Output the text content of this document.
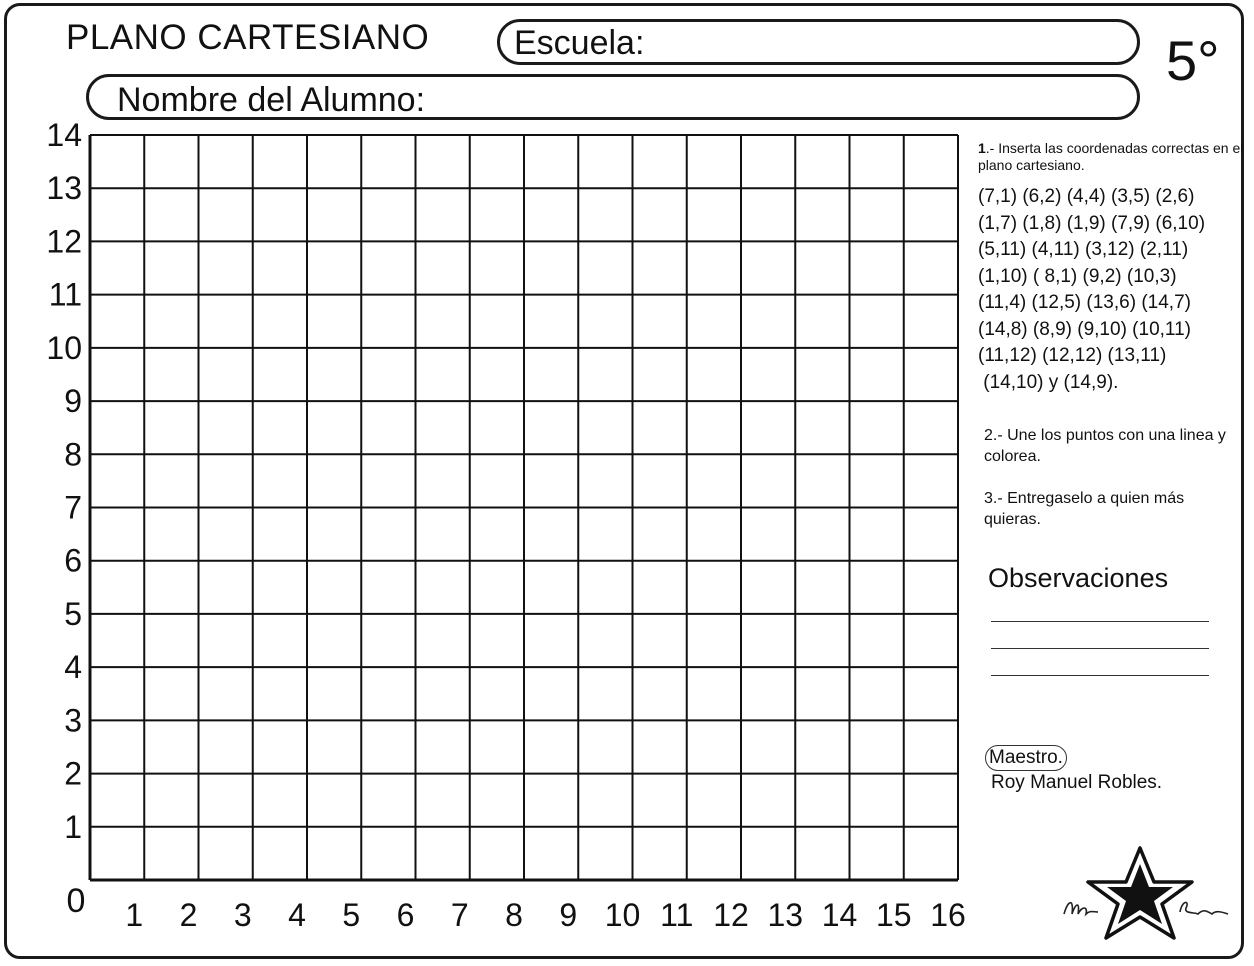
PLANO CARTESIANO Escuela:
Nombre del Alumno:
5°
1 2 3 4 5 6 7 8 9 10 11 12 13 14 15 16
1
2
3
4
5
6
7
8
9
10
11
12
13
14
0
1.- Inserta las coordenadas correctas en el plano cartesiano.
(7,1) (6,2) (4,4) (3,5) (2,6)
(1,7) (1,8) (1,9) (7,9) (6,10)
(5,11) (4,11) (3,12) (2,11)
(1,10) ( 8,1) (9,2) (10,3)
(11,4) (12,5) (13,6) (14,7)
(14,8) (8,9) (9,10) (10,11)
(11,12) (12,12) (13,11)
(14,10) y (14,9).
2.- Une los puntos con una linea y colorea.
3.- Entregaselo a quien más quieras.
Observaciones
Maestro.
Roy Manuel Robles.
